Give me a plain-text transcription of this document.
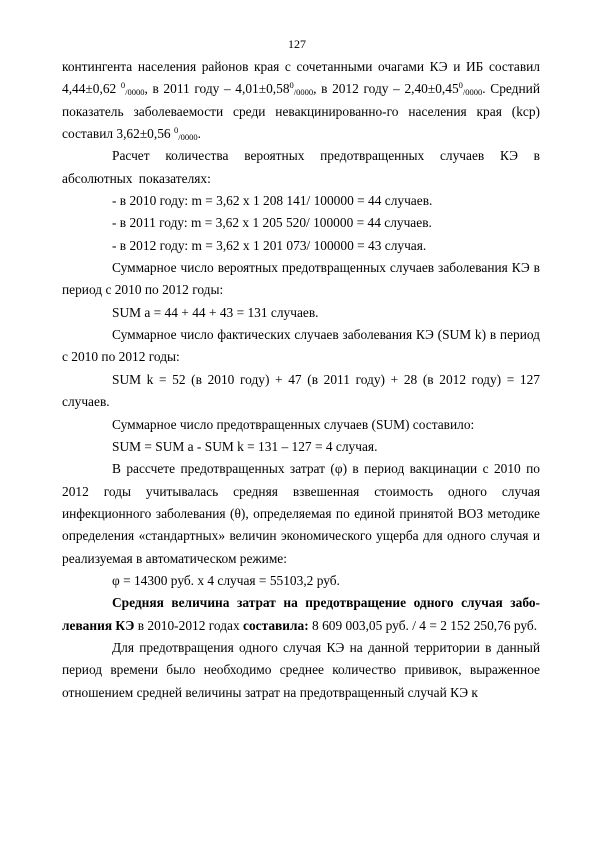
127

контингента населения районов края с сочетанными очагами КЭ и ИБ составил 4,44±0,62 $^0_{/0000}$, в 2011 году – $4,01\pm 0,58^0_{/0000}$, в 2012 году – $2,40\pm 0,45^0_{/0000}$. Средний показатель заболеваемости среди невакцинированно-го населения края (kср) составил 3,62±0,56 $^0_{/0000}$.

Расчет количества вероятных предотвращенных случаев КЭ в абсолютных показателях:

- в 2010 году: m = 3,62 х 1 208 141/ 100000 = 44 случаев.

- в 2011 году: m = 3,62 х 1 205 520/ 100000 = 44 случаев.

- в 2012 году: m = 3,62 х 1 201 073/ 100000 = 43 случая.

Суммарное число вероятных предотвращенных случаев заболевания КЭ в период с 2010 по 2012 годы:

SUM а = 44 + 44 + 43 = 131 случаев.

Суммарное число фактических случаев заболевания КЭ (SUM k) в период с 2010 по 2012 годы:

SUM k = 52 (в 2010 году) + 47 (в 2011 году) + 28 (в 2012 году) = 127 случаев.

Суммарное число предотвращенных случаев (SUM) составило:

SUM = SUM а - SUM k = 131 – 127 = 4 случая.

В рассчете предотвращенных затрат (φ) в период вакцинации с 2010 по 2012 годы учитывалась средняя взвешенная стоимость одного случая инфекционного заболевания (θ), определяемая по единой принятой ВОЗ методике определения «стандартных» величин экономического ущерба для одного случая и реализуемая в автоматическом режиме:

φ = 14300 руб. х 4 случая = 55103,2 руб.

Средняя величина затрат на предотвращение одного случая забо-левания КЭ в 2010-2012 годах составила: 8 609 003,05 руб. / 4 = 2 152 250,76 руб.

Для предотвращения одного случая КЭ на данной территории в данный период времени было необходимо среднее количество прививок, выраженное отношением средней величины затрат на предотвращенный случай КЭ к
